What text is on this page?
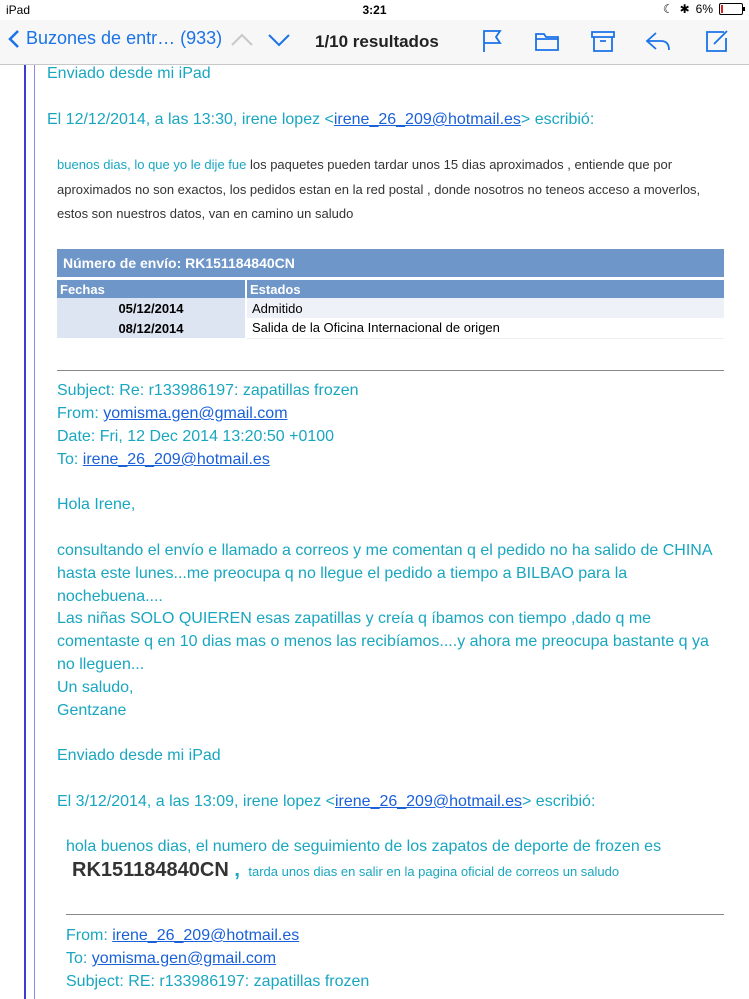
iPad	3:21	☾ ✱ 6%
Buzones de entr… (933)	1/10 resultados
Enviado desde mi iPad
El 12/12/2014, a las 13:30, irene lopez <irene_26_209@hotmail.es> escribió:
buenos dias, lo que yo le dije fue los paquetes pueden tardar unos 15 dias aproximados , entiende que por
aproximados no son exactos, los pedidos estan en la red postal , donde nosotros no teneos acceso a moverlos,
estos son nuestros datos, van en camino un saludo
Número de envío: RK151184840CN	

Fechas	Estados
05/12/2014	Admitido
08/12/2014	Salida de la Oficina Internacional de origen
Subject: Re: r133986197: zapatillas frozen
From: yomisma.gen@gmail.com
Date: Fri, 12 Dec 2014 13:20:50 +0100
To: irene_26_209@hotmail.es
Hola Irene,
consultando el envío e llamado a correos y me comentan q el pedido no ha salido de CHINA
hasta este lunes...me preocupa q no llegue el pedido a tiempo a BILBAO para la
nochebuena....
Las niñas SOLO QUIEREN esas zapatillas y creía q íbamos con tiempo ,dado q me
comentaste q en 10 dias mas o menos las recibíamos....y ahora me preocupa bastante q ya
no lleguen...
Un saludo,
Gentzane
Enviado desde mi iPad
El 3/12/2014, a las 13:09, irene lopez <irene_26_209@hotmail.es> escribió:
hola buenos dias, el numero de seguimiento de los zapatos de deporte de frozen es
RK151184840CN , tarda unos dias en salir en la pagina oficial de correos un saludo
From: irene_26_209@hotmail.es
To: yomisma.gen@gmail.com
Subject: RE: r133986197: zapatillas frozen
